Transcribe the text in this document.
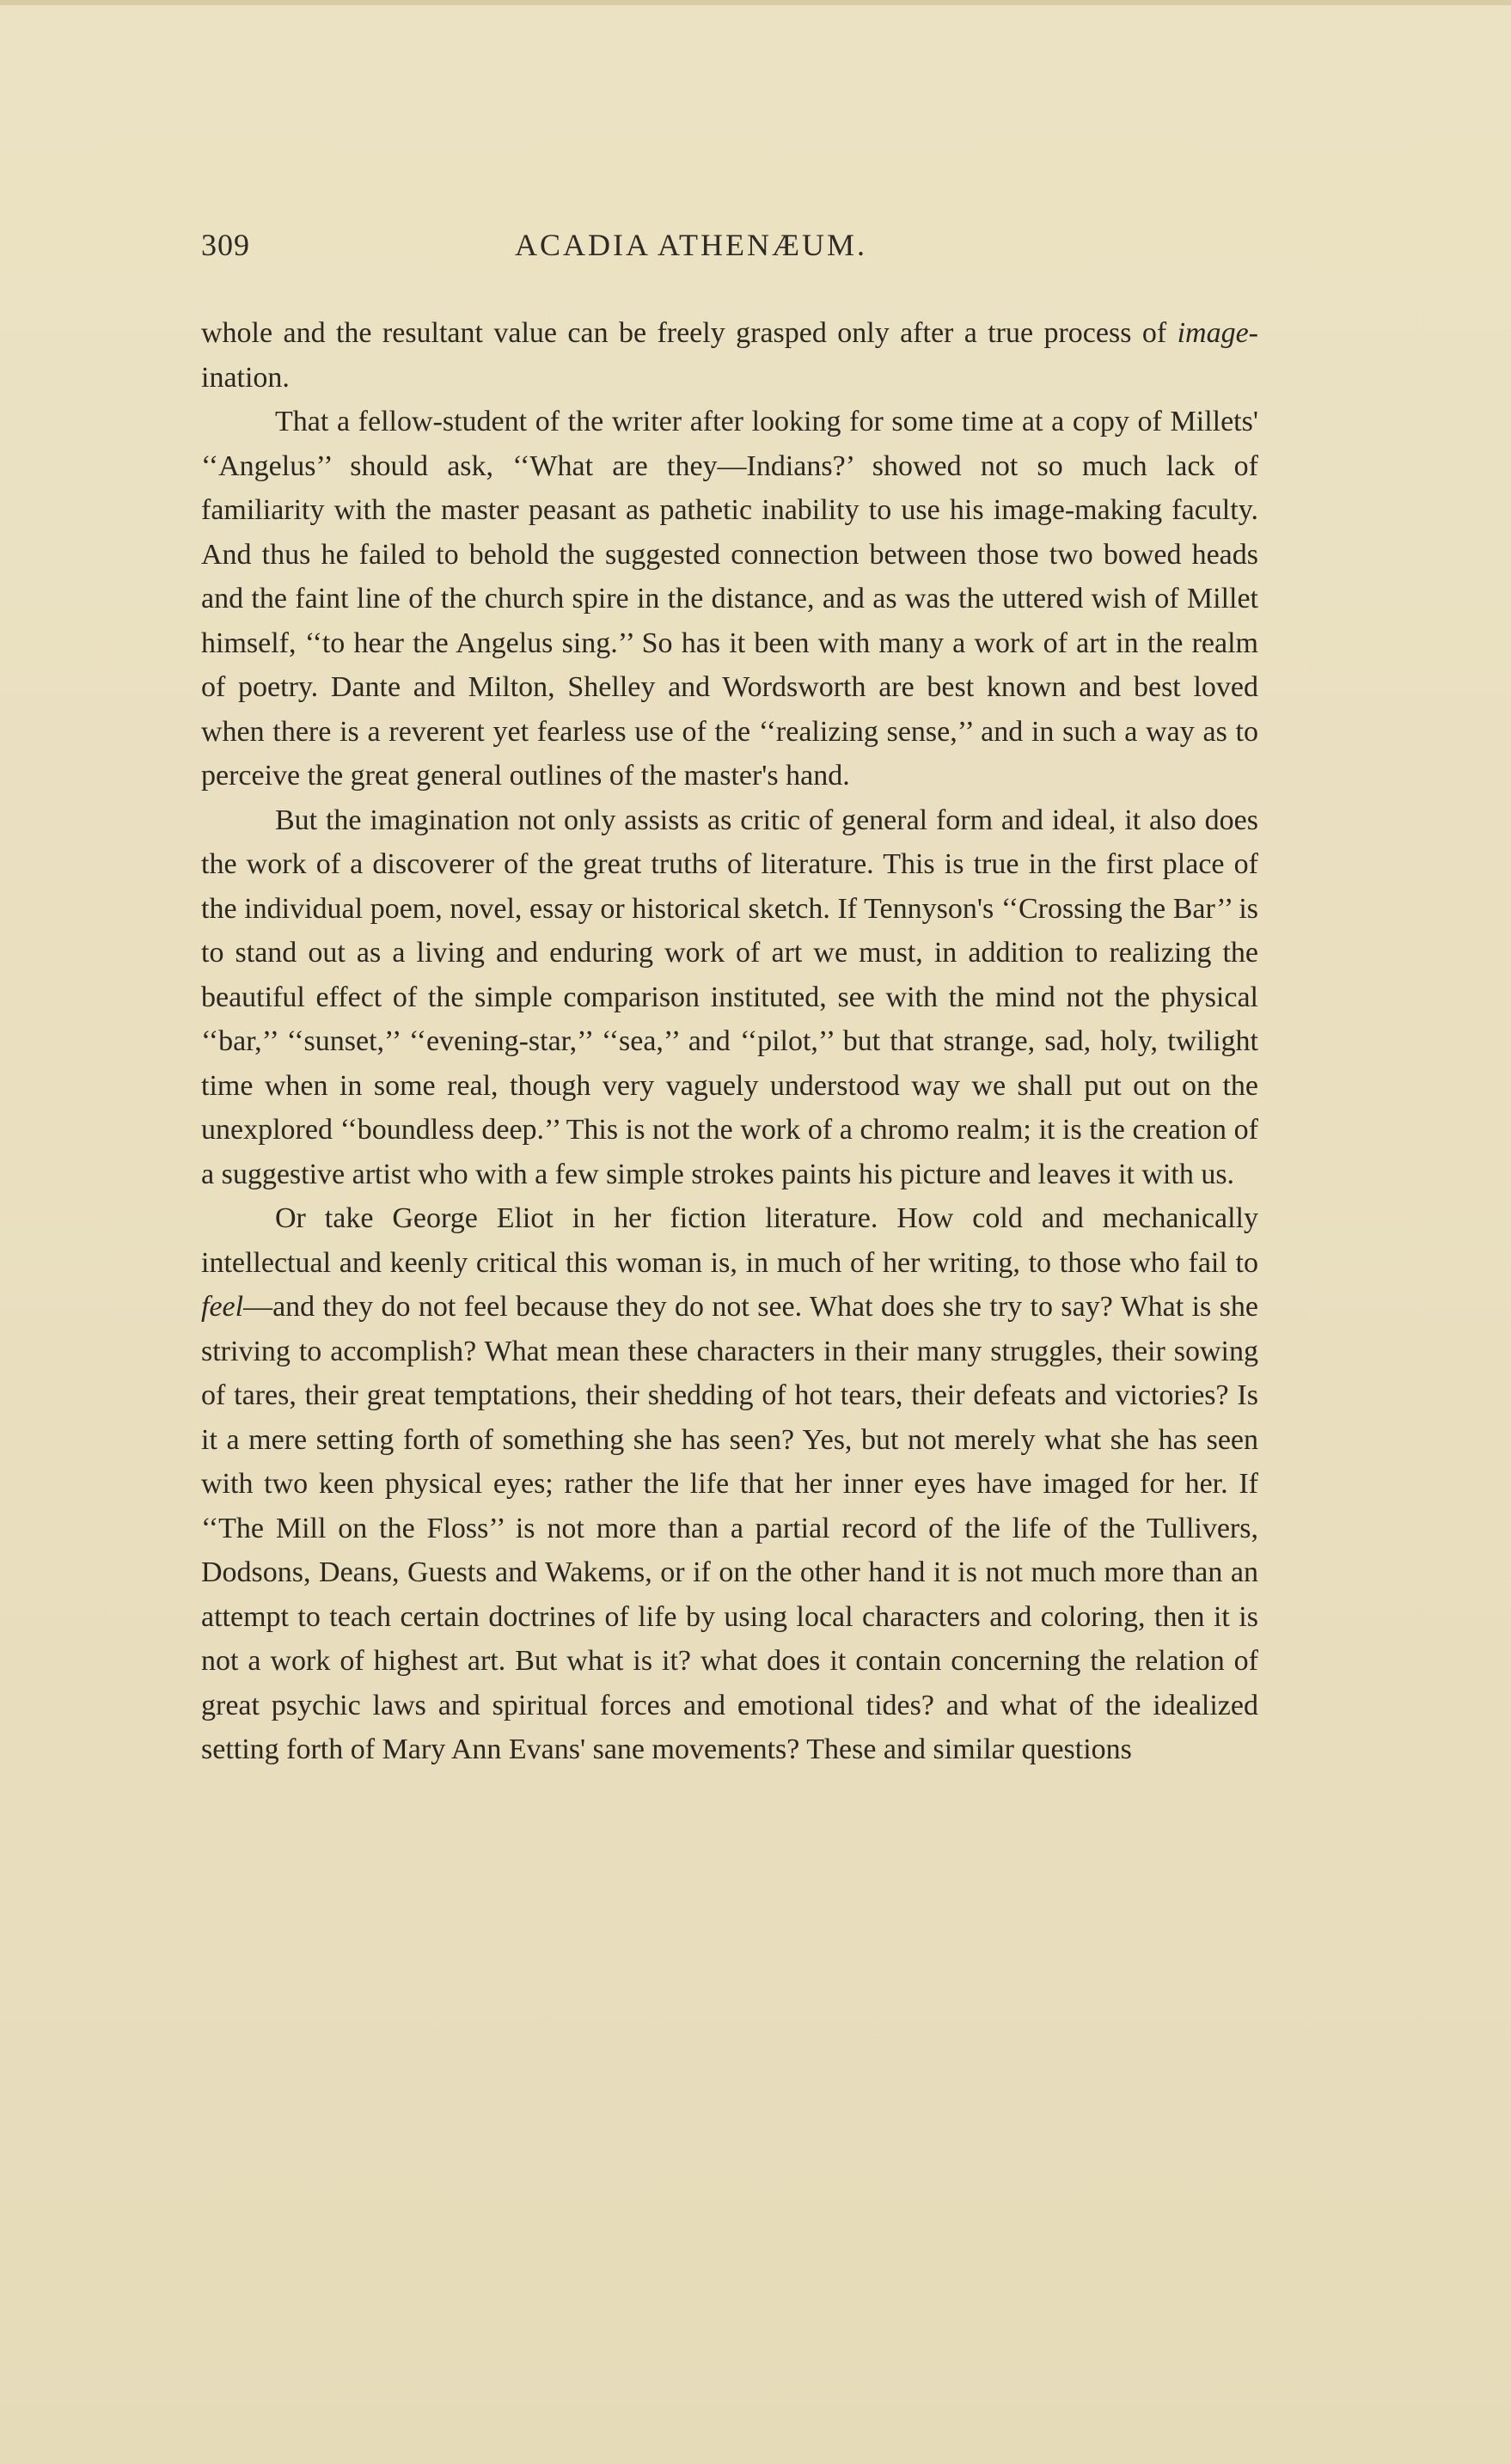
309	ACADIA ATHENÆUM.

whole and the resultant value can be freely grasped only after a true process of image-ination.

That a fellow-student of the writer after looking for some time at a copy of Millets' ‘‘Angelus’’ should ask, ‘‘What are they—Indians?’ showed not so much lack of familiarity with the master peasant as pathetic inability to use his image-making faculty. And thus he failed to behold the suggested connection between those two bowed heads and the faint line of the church spire in the distance, and as was the uttered wish of Millet himself, ‘‘to hear the Angelus sing.’’ So has it been with many a work of art in the realm of poetry. Dante and Milton, Shelley and Wordsworth are best known and best loved when there is a reverent yet fearless use of the ‘‘realizing sense,’’ and in such a way as to perceive the great general outlines of the master's hand.

But the imagination not only assists as critic of general form and ideal, it also does the work of a discoverer of the great truths of literature. This is true in the first place of the individual poem, novel, essay or historical sketch. If Tennyson's ‘‘Crossing the Bar’’ is to stand out as a living and enduring work of art we must, in addition to realizing the beautiful effect of the simple comparison instituted, see with the mind not the physical ‘‘bar,’’ ‘‘sunset,’’ ‘‘evening-star,’’ ‘‘sea,’’ and ‘‘pilot,’’ but that strange, sad, holy, twilight time when in some real, though very vaguely understood way we shall put out on the unexplored ‘‘boundless deep.’’ This is not the work of a chromo realm; it is the creation of a suggestive artist who with a few simple strokes paints his picture and leaves it with us.

Or take George Eliot in her fiction literature. How cold and mechanically intellectual and keenly critical this woman is, in much of her writing, to those who fail to feel—and they do not feel because they do not see. What does she try to say? What is she striving to accomplish? What mean these characters in their many struggles, their sowing of tares, their great temptations, their shedding of hot tears, their defeats and victories? Is it a mere setting forth of something she has seen? Yes, but not merely what she has seen with two keen physical eyes; rather the life that her inner eyes have imaged for her. If ‘‘The Mill on the Floss’’ is not more than a partial record of the life of the Tullivers, Dodsons, Deans, Guests and Wakems, or if on the other hand it is not much more than an attempt to teach certain doctrines of life by using local characters and coloring, then it is not a work of highest art. But what is it? what does it contain concerning the relation of great psychic laws and spiritual forces and emotional tides? and what of the idealized setting forth of Mary Ann Evans' sane movements? These and similar questions
